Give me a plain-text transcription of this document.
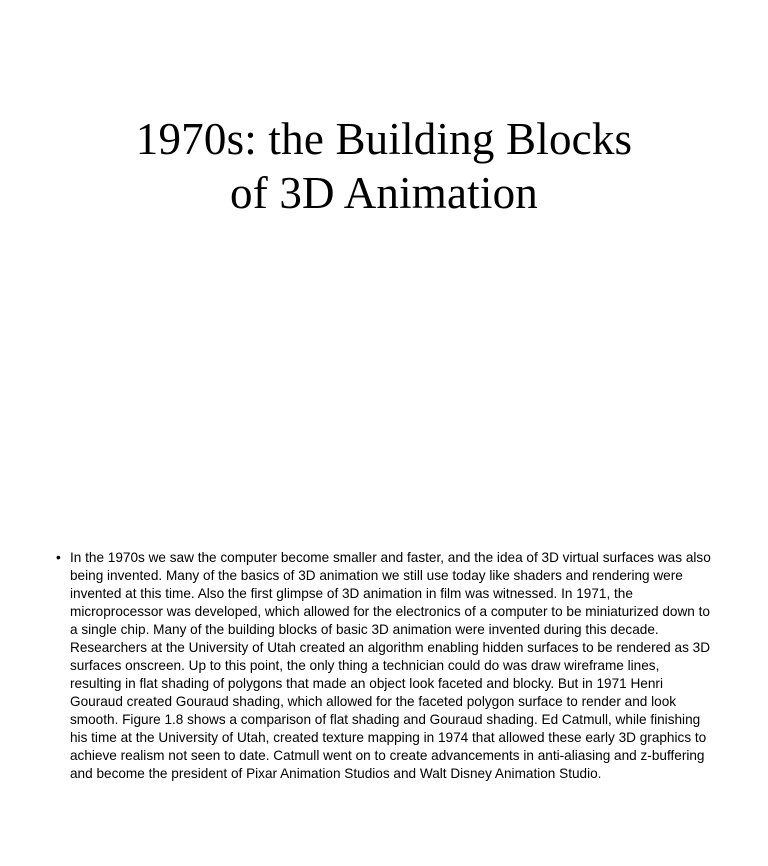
1970s: the Building Blocks
of 3D Animation
• In the 1970s we saw the computer become smaller and faster, and the idea of 3D virtual surfaces was also being invented. Many of the basics of 3D animation we still use today like shaders and rendering were invented at this time. Also the first glimpse of 3D animation in film was witnessed. In 1971, the microprocessor was developed, which allowed for the electronics of a computer to be miniaturized down to a single chip. Many of the building blocks of basic 3D animation were invented during this decade. Researchers at the University of Utah created an algorithm enabling hidden surfaces to be rendered as 3D surfaces onscreen. Up to this point, the only thing a technician could do was draw wireframe lines, resulting in flat shading of polygons that made an object look faceted and blocky. But in 1971 Henri Gouraud created Gouraud shading, which allowed for the faceted polygon surface to render and look smooth. Figure 1.8 shows a comparison of flat shading and Gouraud shading. Ed Catmull, while finishing his time at the University of Utah, created texture mapping in 1974 that allowed these early 3D graphics to achieve realism not seen to date. Catmull went on to create advancements in anti-aliasing and z-buffering and become the president of Pixar Animation Studios and Walt Disney Animation Studio.
